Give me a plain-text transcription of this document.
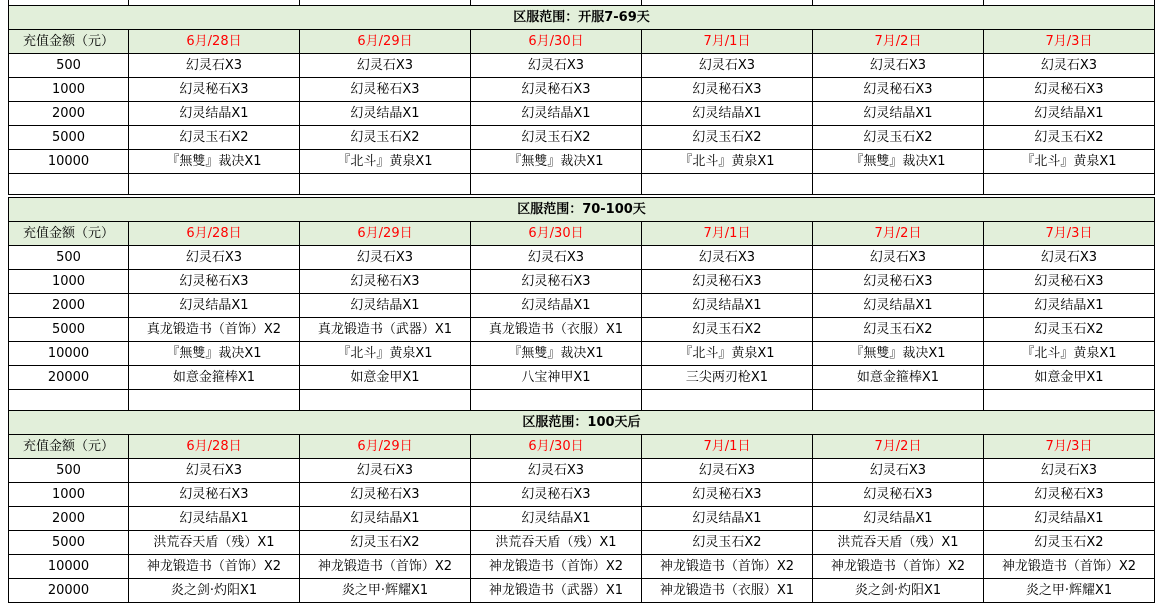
区服范围：开服7-69天						
充值金额（元）	6月/28日	6月/29日	6月/30日	7月/1日	7月/2日	7月/3日
500	幻灵石X3	幻灵石X3	幻灵石X3	幻灵石X3	幻灵石X3	幻灵石X3
1000	幻灵秘石X3	幻灵秘石X3	幻灵秘石X3	幻灵秘石X3	幻灵秘石X3	幻灵秘石X3
2000	幻灵结晶X1	幻灵结晶X1	幻灵结晶X1	幻灵结晶X1	幻灵结晶X1	幻灵结晶X1
5000	幻灵玉石X2	幻灵玉石X2	幻灵玉石X2	幻灵玉石X2	幻灵玉石X2	幻灵玉石X2
10000	『無雙』裁决X1	『北斗』黄泉X1	『無雙』裁决X1	『北斗』黄泉X1	『無雙』裁决X1	『北斗』黄泉X1

区服范围：70-100天						
充值金额（元）	6月/28日	6月/29日	6月/30日	7月/1日	7月/2日	7月/3日
500	幻灵石X3	幻灵石X3	幻灵石X3	幻灵石X3	幻灵石X3	幻灵石X3
1000	幻灵秘石X3	幻灵秘石X3	幻灵秘石X3	幻灵秘石X3	幻灵秘石X3	幻灵秘石X3
2000	幻灵结晶X1	幻灵结晶X1	幻灵结晶X1	幻灵结晶X1	幻灵结晶X1	幻灵结晶X1
5000	真龙锻造书（首饰）X2	真龙锻造书（武器）X1	真龙锻造书（衣服）X1	幻灵玉石X2	幻灵玉石X2	幻灵玉石X2
10000	『無雙』裁决X1	『北斗』黄泉X1	『無雙』裁决X1	『北斗』黄泉X1	『無雙』裁决X1	『北斗』黄泉X1
20000	如意金箍棒X1	如意金甲X1	八宝神甲X1	三尖两刃枪X1	如意金箍棒X1	如意金甲X1

区服范围：100天后						
充值金额（元）	6月/28日	6月/29日	6月/30日	7月/1日	7月/2日	7月/3日
500	幻灵石X3	幻灵石X3	幻灵石X3	幻灵石X3	幻灵石X3	幻灵石X3
1000	幻灵秘石X3	幻灵秘石X3	幻灵秘石X3	幻灵秘石X3	幻灵秘石X3	幻灵秘石X3
2000	幻灵结晶X1	幻灵结晶X1	幻灵结晶X1	幻灵结晶X1	幻灵结晶X1	幻灵结晶X1
5000	洪荒吞天盾（残）X1	幻灵玉石X2	洪荒吞天盾（残）X1	幻灵玉石X2	洪荒吞天盾（残）X1	幻灵玉石X2
10000	神龙锻造书（首饰）X2	神龙锻造书（首饰）X2	神龙锻造书（首饰）X2	神龙锻造书（首饰）X2	神龙锻造书（首饰）X2	神龙锻造书（首饰）X2
20000	炎之剑·灼阳X1	炎之甲·辉耀X1	神龙锻造书（武器）X1	神龙锻造书（衣服）X1	炎之剑·灼阳X1	炎之甲·辉耀X1
